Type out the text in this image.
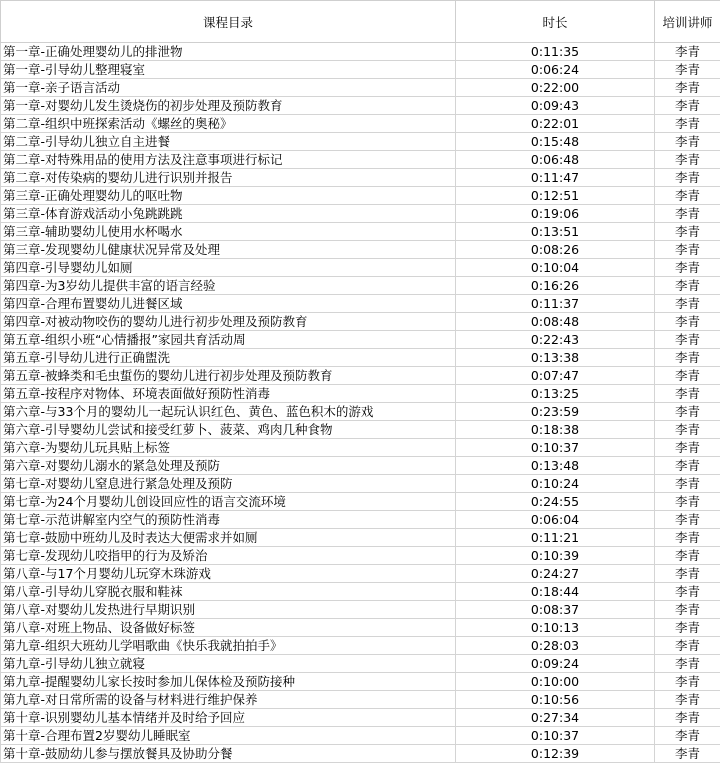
课程目录	时长	培训讲师
第一章-正确处理婴幼儿的排泄物	0:11:35	李青
第一章-引导幼儿整理寝室	0:06:24	李青
第一章-亲子语言活动	0:22:00	李青
第一章-对婴幼儿发生烫烧伤的初步处理及预防教育	0:09:43	李青
第二章-组织中班探索活动《螺丝的奥秘》	0:22:01	李青
第二章-引导幼儿独立自主进餐	0:15:48	李青
第二章-对特殊用品的使用方法及注意事项进行标记	0:06:48	李青
第二章-对传染病的婴幼儿进行识别并报告	0:11:47	李青
第三章-正确处理婴幼儿的呕吐物	0:12:51	李青
第三章-体育游戏活动小兔跳跳跳	0:19:06	李青
第三章-辅助婴幼儿使用水杯喝水	0:13:51	李青
第三章-发现婴幼儿健康状况异常及处理	0:08:26	李青
第四章-引导婴幼儿如厕	0:10:04	李青
第四章-为3岁幼儿提供丰富的语言经验	0:16:26	李青
第四章-合理布置婴幼儿进餐区域	0:11:37	李青
第四章-对被动物咬伤的婴幼儿进行初步处理及预防教育	0:08:48	李青
第五章-组织小班“心情播报”家园共育活动周	0:22:43	李青
第五章-引导幼儿进行正确盥洗	0:13:38	李青
第五章-被蜂类和毛虫蜇伤的婴幼儿进行初步处理及预防教育	0:07:47	李青
第五章-按程序对物体、环境表面做好预防性消毒	0:13:25	李青
第六章-与33个月的婴幼儿一起玩认识红色、黄色、蓝色积木的游戏	0:23:59	李青
第六章-引导婴幼儿尝试和接受红萝卜、菠菜、鸡肉几种食物	0:18:38	李青
第六章-为婴幼儿玩具贴上标签	0:10:37	李青
第六章-对婴幼儿溺水的紧急处理及预防	0:13:48	李青
第七章-对婴幼儿窒息进行紧急处理及预防	0:10:24	李青
第七章-为24个月婴幼儿创设回应性的语言交流环境	0:24:55	李青
第七章-示范讲解室内空气的预防性消毒	0:06:04	李青
第七章-鼓励中班幼儿及时表达大便需求并如厕	0:11:21	李青
第七章-发现幼儿咬指甲的行为及矫治	0:10:39	李青
第八章-与17个月婴幼儿玩穿木珠游戏	0:24:27	李青
第八章-引导幼儿穿脱衣服和鞋袜	0:18:44	李青
第八章-对婴幼儿发热进行早期识别	0:08:37	李青
第八章-对班上物品、设备做好标签	0:10:13	李青
第九章-组织大班幼儿学唱歌曲《快乐我就拍拍手》	0:28:03	李青
第九章-引导幼儿独立就寝	0:09:24	李青
第九章-提醒婴幼儿家长按时参加儿保体检及预防接种	0:10:00	李青
第九章-对日常所需的设备与材料进行维护保养	0:10:56	李青
第十章-识别婴幼儿基本情绪并及时给予回应	0:27:34	李青
第十章-合理布置2岁婴幼儿睡眠室	0:10:37	李青
第十章-鼓励幼儿参与摆放餐具及协助分餐	0:12:39	李青
